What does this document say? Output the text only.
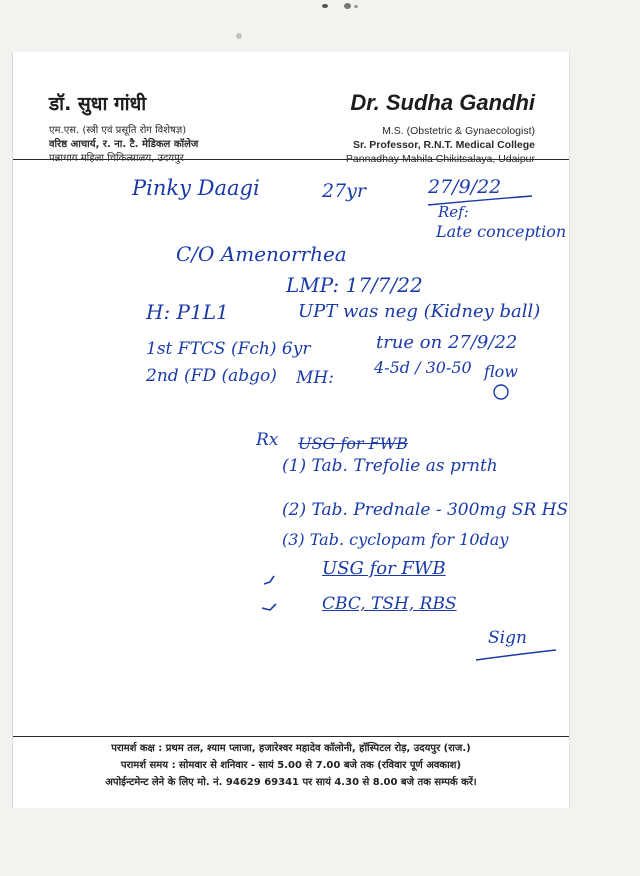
डॉ. सुधा गांधी
एम.एस. (स्त्री एवं प्रसूति रोग विशेषज्ञ)
वरिष्ठ आचार्य, र. ना. टै. मेडिकल कॉलेज
पन्नाधाय महिला चिकित्सालय, उदयपुर
Dr. Sudha Gandhi
M.S. (Obstetric & Gynaecologist)
Sr. Professor, R.N.T. Medical College
Pannadhay Mahila Chikitsalaya, Udaipur
परामर्श कक्ष : प्रथम तल, श्याम प्लाजा, हजारेश्वर महादेव कॉलोनी, हॉस्पिटल रोड़, उदयपुर (राज.)
परामर्श समय : सोमवार से शनिवार - सायं 5.00 से 7.00 बजे तक (रविवार पूर्ण अवकाश)
अपोईन्टमेन्ट लेने के लिए मो. नं. 94629 69341 पर सायं 4.30 से 8.00 बजे तक सम्पर्क करें।
Pinky Daagi	27yr	27/9/22
Ref:
Late conception
C/O Amenorrhea
LMP: 17/7/22
H: P1L1	UPT was neg (Kidney ball)
true on 27/9/22
1st FTCS (Fch) 6yr
2nd (FD (abgo) MH:
4-5d / 30-50 flow
Rx USG for FWB
(1) Tab. Trefolie as prnth
(2) Tab. Prednale - 300mg SR HS
(3) Tab. cyclopam for 10day
USG for FWB
CBC, TSH, RBS
Sign
